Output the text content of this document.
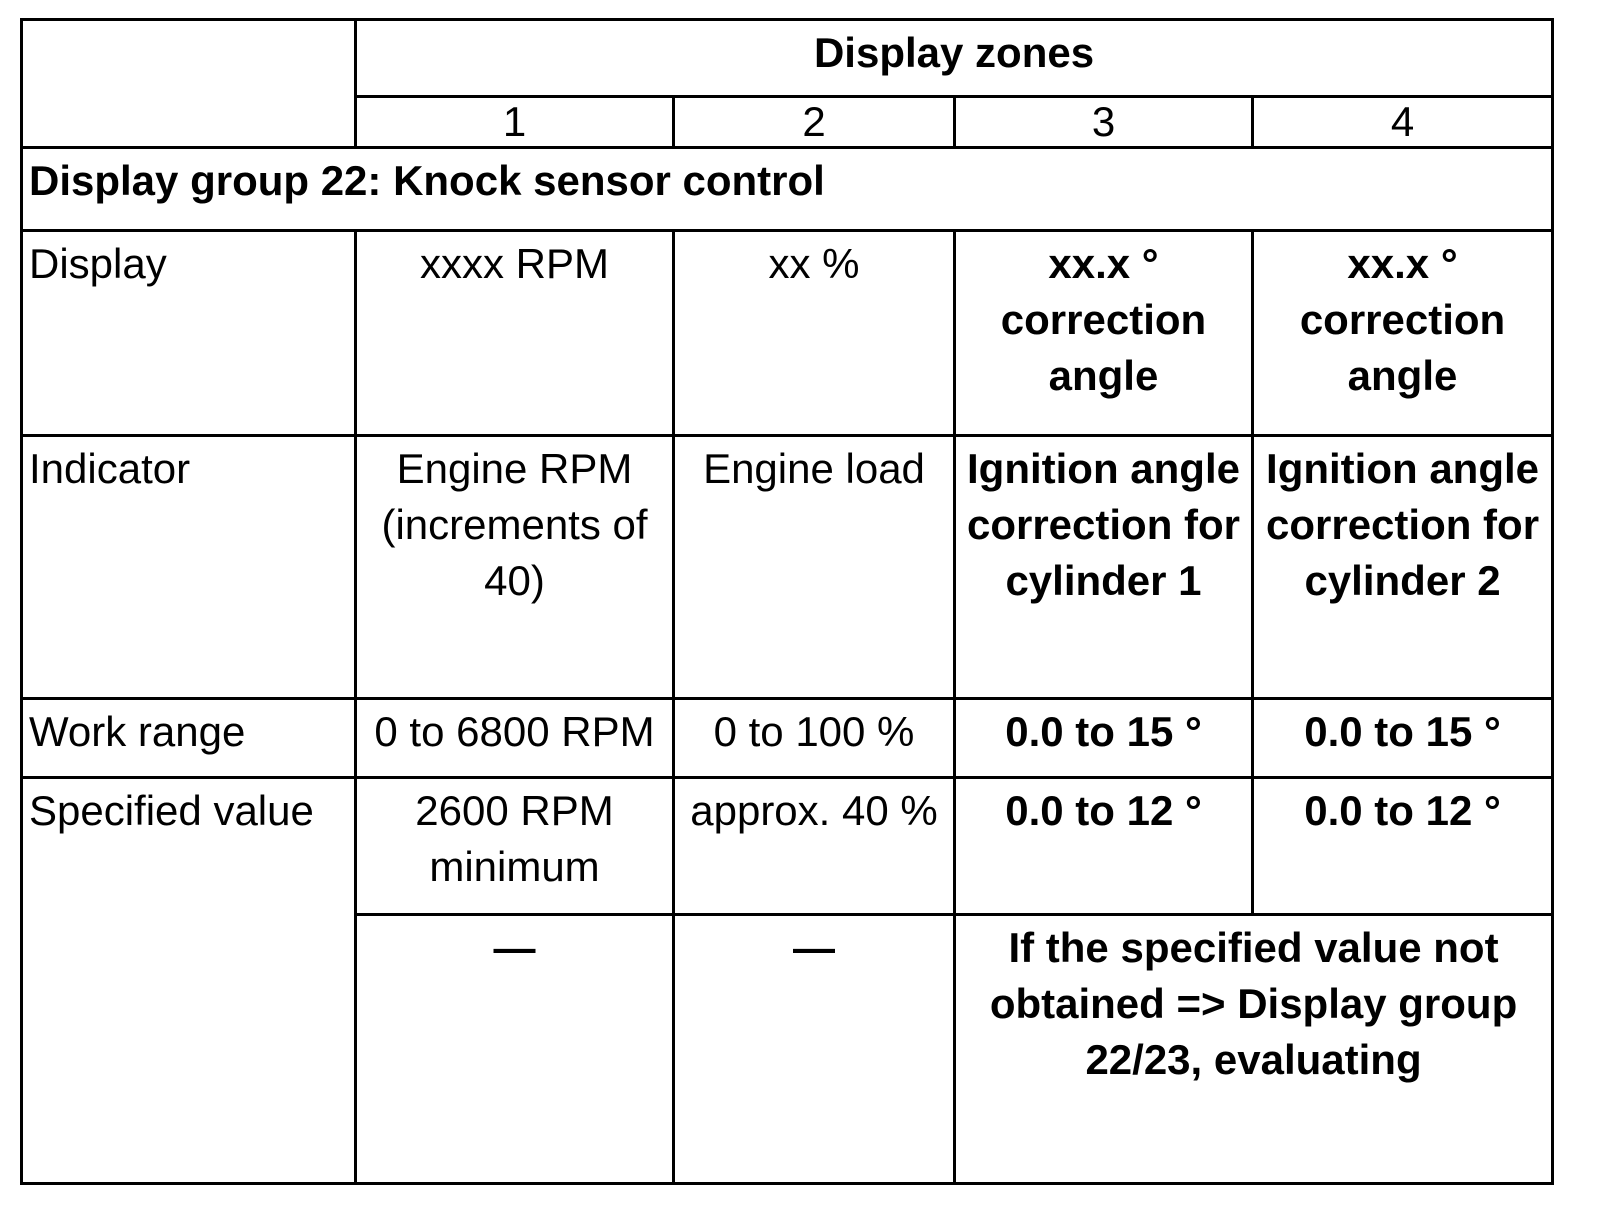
	Display zones			
	1	2	3	4
Display group 22: Knock sensor control				
Display	xxxx RPM	xx %	xx.x ° correction angle	xx.x ° correction angle
Indicator	Engine RPM (increments of 40)	Engine load	Ignition angle correction for cylinder 1	Ignition angle correction for cylinder 2
Work range	0 to 6800 RPM	0 to 100 %	0.0 to 15 °	0.0 to 15 °
Specified value	2600 RPM minimum	approx. 40 %	0.0 to 12 °	0.0 to 12 °
	—	—	If the specified value not obtained => Display group 22/23, evaluating	
